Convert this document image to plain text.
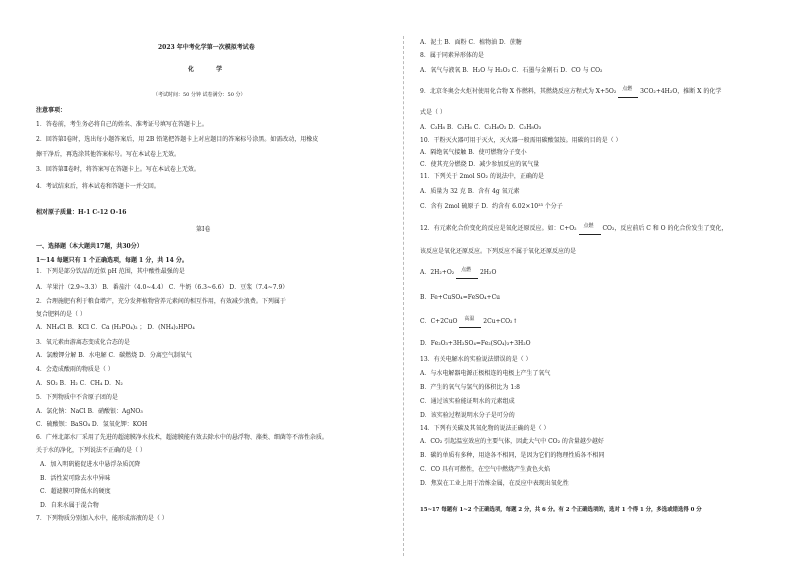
2023 年中考化学第一次模拟考试卷
化 学
（考试时间：50 分钟 试卷满分：50 分）
注意事项：
1．答卷前，考生务必将自己的姓名、准考证号填写在答题卡上。
2．回答第Ⅰ卷时，选出每小题答案后，用 2B 铅笔把答题卡上对应题目的答案标号涂黑。如需改动，用橡皮
擦干净后，再选涂其他答案标号。写在本试卷上无效。
3．回答第Ⅱ卷时，将答案写在答题卡上。写在本试卷上无效。
4．考试结束后，将本试卷和答题卡一并交回。
相对原子质量：H-1 C-12 O-16
第Ⅰ卷
一、选择题（本大题共17题，共30分）
1～14 每题只有 1 个正确选项，每题 1 分，共 14 分。
1．下列是部分饮品的近似 pH 范围，其中酸性最强的是
A．苹果汁（2.9~3.3） B．番茄汁（4.0~4.4） C．牛奶（6.3~6.6） D．豆浆（7.4~7.9）
2．合理施肥有利于粮食增产，充分发挥植物营养元素间的相互作用，有效减少浪费。下列属于
复合肥料的是（ ）
A．NH₄Cl B．KCl C．Ca (H₂PO₄)₂ ； D．(NH₄)₂HPO₄
3．氧元素由游离态变成化合态的是
A．氯酸钾分解 B．水电解 C．碳燃烧 D．分离空气制氧气
4．会造成酸雨的物质是（ ）
A．SO₂ B．H₂ C．CH₄ D．N₂
5．下列物质中不含原子团的是
A．氯化钠：NaCl B．硝酸银：AgNO₃
C．硫酸钡：BaSO₄ D．氢氧化钾：KOH
6．广州北部水厂采用了先进的超滤膜净水技术，超滤膜能有效去除水中的悬浮物、藻类、细菌等不溶性杂质。
关于水的净化，下列说法不正确的是（ ）
A．加入明矾能促进水中悬浮杂质沉降
B．活性炭可除去水中异味
C．超滤膜可降低水的硬度
D．自来水属于混合物
7．下列物质分别加入水中，能形成溶液的是（ ）
A．泥土 B．面粉 C．植物油 D．蔗糖
8．属于同素异形体的是
A．氧气与液氧 B．H₂O 与 H₂O₂ C．石墨与金刚石 D．CO 与 CO₂
9．北京冬奥会火炬衬使用化合物 X 作燃料，其燃烧反应方程式为 X+5O₂ 点燃 3CO₂+4H₂O，推断 X 的化学
式是（ ）
A．C₃H₈ B．C₃H₆ C．C₂H₆O₂ D．C₃H₈O₃
10．干粉灭火器可用于灭火，灭火器一般需用碳酸氢铵。用碳的目的是（ ）
A．隔绝氧气接触 B．使可燃物分子变小
C．使其充分燃烧 D．减少参加反应的氧气量
11．下列关于 2mol SO₂ 的说法中，正确的是
A．质量为 32 克 B．含有 4g 氧元素
C．含有 2mol 硫原子 D．约含有 6.02×10²³ 个分子
12．有元素化合价变化的反应是氧化还原反应。如：C+O₂ 点燃 CO₂，反应前后 C 和 O 的化合价发生了变化，
该反应是氧化还原反应。下列反应不属于氧化还原反应的是
A．2H₂+O₂ 点燃 2H₂O
B．Fe+CuSO₄=FeSO₄+Cu
C．C+2CuO 高温 2Cu+CO₂↑
D．Fe₂O₃+3H₂SO₄=Fe₂(SO₄)₃+3H₂O
13．有关电解水的实验说法错误的是（ ）
A．与水电解器电源正极相连的电极上产生了氧气
B．产生的氧气与氢气的体积比为 1:8
C．通过该实验能证明水的元素组成
D．该实验过程说明水分子是可分的
14．下列有关碳及其氧化物的说法正确的是（ ）
A．CO₂ 引起温室效应的主要气体，因此大气中 CO₂ 的含量越少越好
B．碳的单质有多种，用途各不相同，是因为它们的物理性质各不相同
C．CO 具有可燃性，在空气中燃烧产生黄色火焰
D．焦炭在工业上用于冶炼金属，在反应中表现出氧化性
15~17 每题有 1~2 个正确选项，每题 2 分，共 6 分。有 2 个正确选项的，选对 1 个得 1 分，多选或错选得 0 分
